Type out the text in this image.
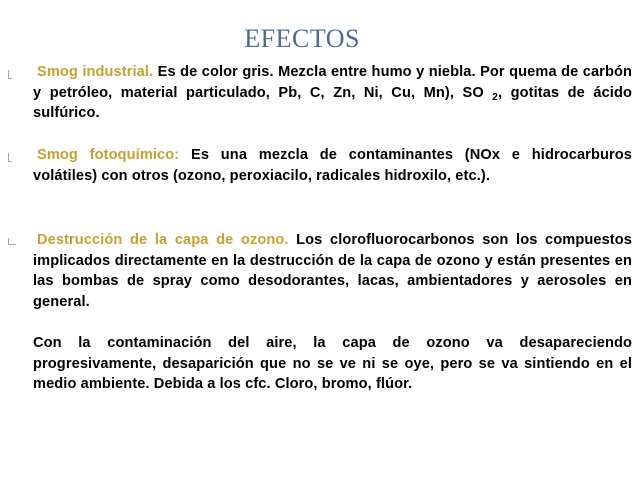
EFECTOS
Smog industrial. Es de color gris. Mezcla entre humo y niebla. Por quema de carbón y petróleo, material particulado, Pb, C, Zn, Ni, Cu, Mn), SO $_2$, gotitas de ácido sulfúrico.
Smog fotoquímico: Es una mezcla de contaminantes (NOx e hidrocarburos volátiles) con otros (ozono, peroxiacilo, radicales hidroxilo, etc.).
Destrucción de la capa de ozono. Los clorofluorocarbonos son los compuestos implicados directamente en la destrucción de la capa de ozono y están presentes en las bombas de spray como desodorantes, lacas, ambientadores y aerosoles en general.
Con la contaminación del aire, la capa de ozono va desapareciendo progresivamente, desaparición que no se ve ni se oye, pero se va sintiendo en el medio ambiente. Debida a los cfc. Cloro, bromo, flúor.
